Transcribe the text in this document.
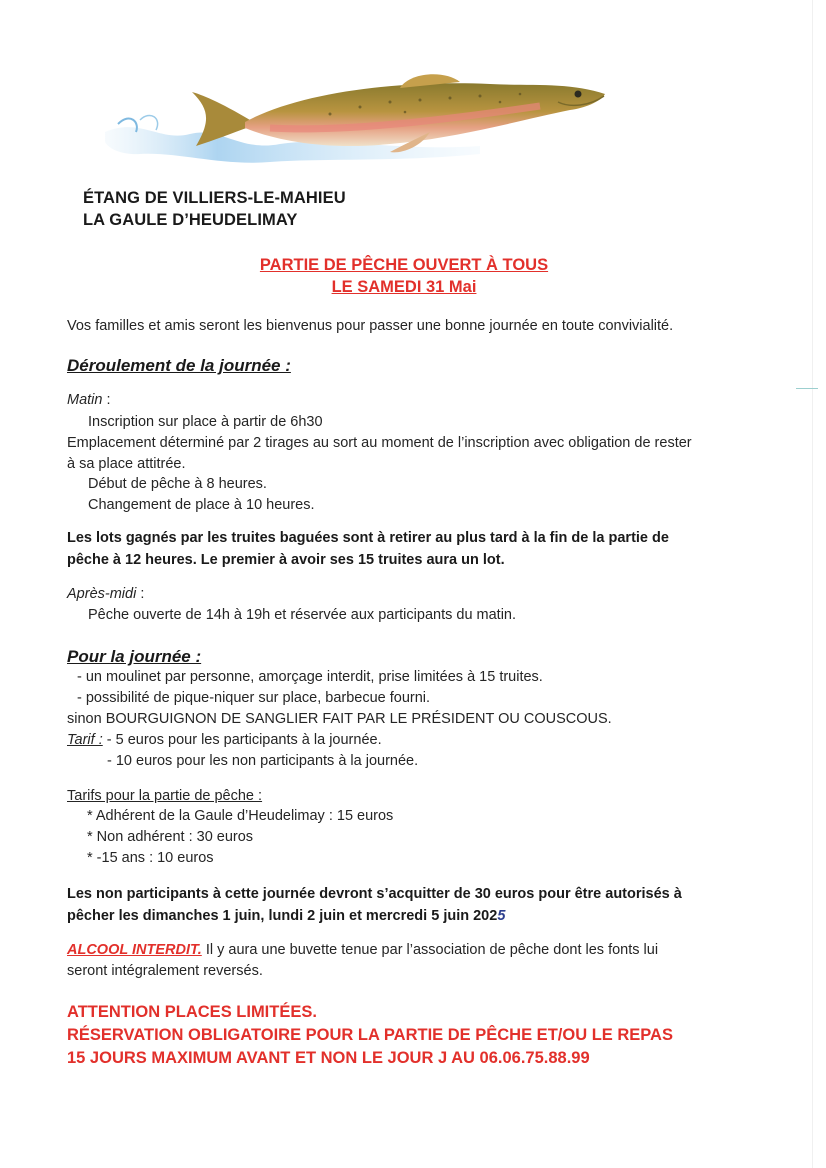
ÉTANG DE VILLIERS-LE-MAHIEU
LA GAULE D’HEUDELIMAY
PARTIE DE PÊCHE OUVERT À TOUS
LE SAMEDI 31 Mai
Vos familles et amis seront les bienvenus pour passer une bonne journée en toute convivialité.
Déroulement de la journée :
Matin :
Inscription sur place à partir de 6h30
Emplacement déterminé par 2 tirages au sort au moment de l’inscription avec obligation de rester
à sa place attitrée.
Début de pêche à 8 heures.
Changement de place à 10 heures.
Les lots gagnés par les truites baguées sont à retirer au plus tard à la fin de la partie de
pêche à 12 heures. Le premier à avoir ses 15 truites aura un lot.
Après-midi :
Pêche ouverte de 14h à 19h et réservée aux participants du matin.
Pour la journée :
- un moulinet par personne, amorçage interdit, prise limitées à 15 truites.
- possibilité de pique-niquer sur place, barbecue fourni.
sinon BOURGUIGNON DE SANGLIER FAIT PAR LE PRÉSIDENT OU COUSCOUS.
Tarif : - 5 euros pour les participants à la journée.
- 10 euros pour les non participants à la journée.
Tarifs pour la partie de pêche :
* Adhérent de la Gaule d’Heudelimay : 15 euros
* Non adhérent : 30 euros
* -15 ans : 10 euros
Les non participants à cette journée devront s’acquitter de 30 euros pour être autorisés à
pêcher les dimanches 1 juin, lundi 2 juin et mercredi 5 juin 2025
ALCOOL INTERDIT. Il y aura une buvette tenue par l’association de pêche dont les fonts lui
seront intégralement reversés.
ATTENTION PLACES LIMITÉES.
RÉSERVATION OBLIGATOIRE POUR LA PARTIE DE PÊCHE ET/OU LE REPAS
15 JOURS MAXIMUM AVANT ET NON LE JOUR J AU 06.06.75.88.99
